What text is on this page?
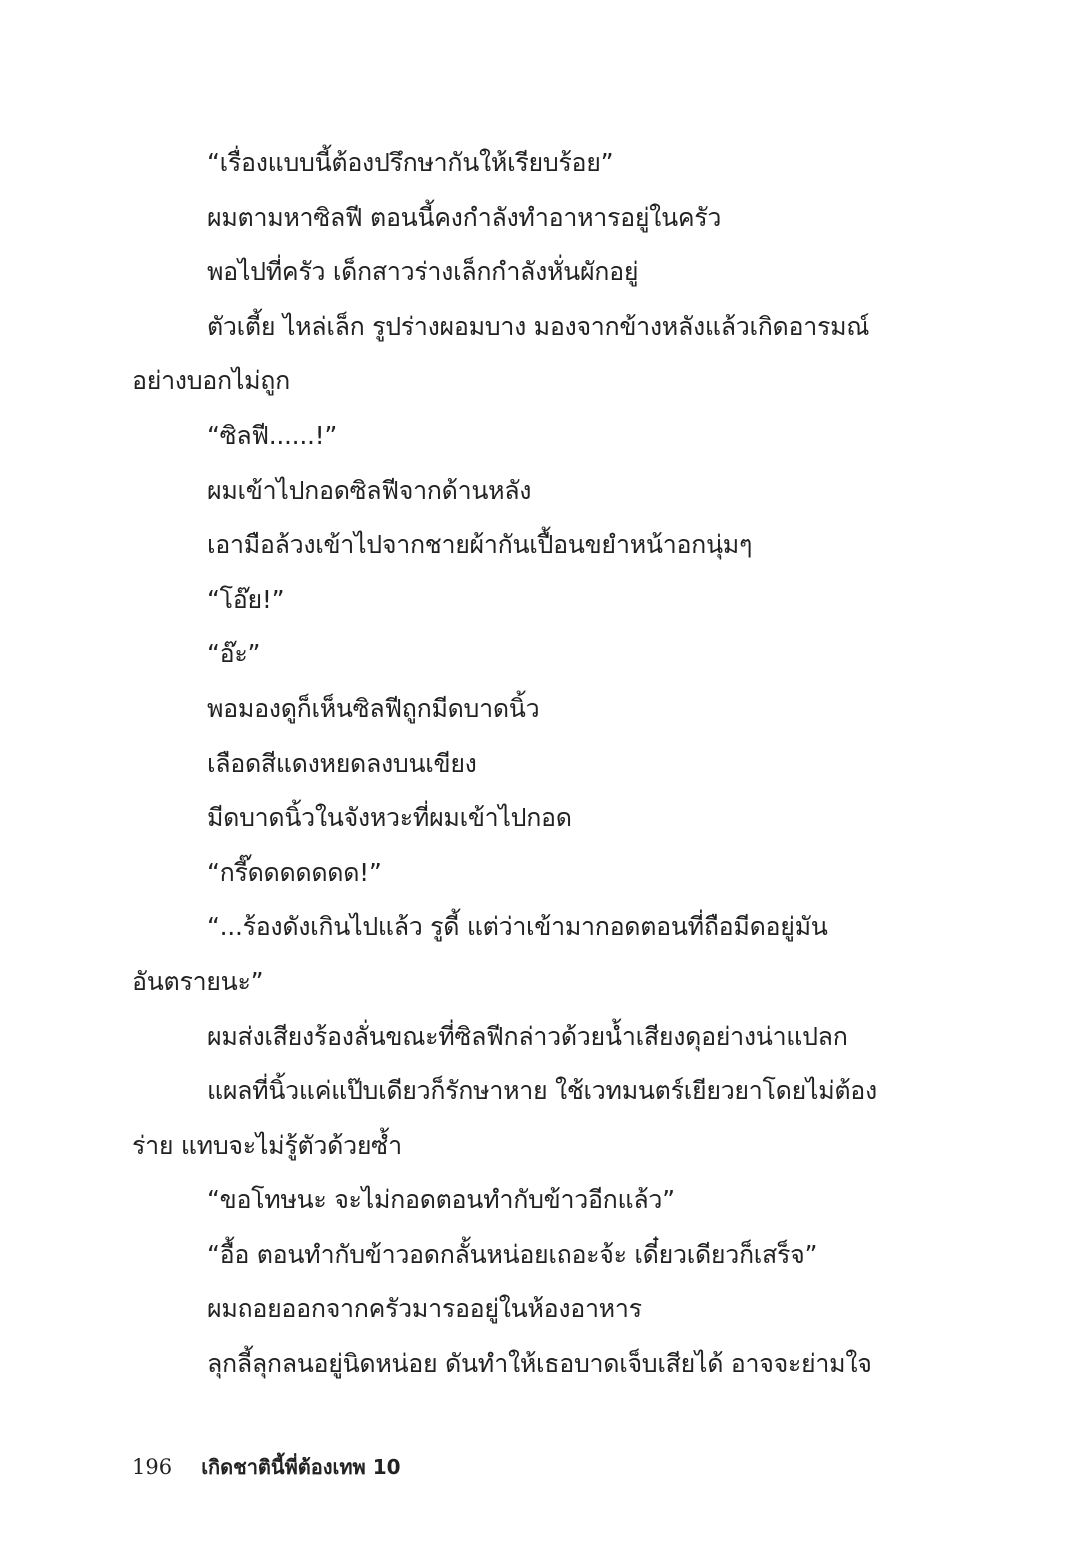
“เรื่องแบบนี้ต้องปรึกษากันให้เรียบร้อย”
ผมตามหาซิลฟี ตอนนี้คงกำลังทำอาหารอยู่ในครัว
พอไปที่ครัว เด็กสาวร่างเล็กกำลังหั่นผักอยู่
ตัวเตี้ย ไหล่เล็ก รูปร่างผอมบาง มองจากข้างหลังแล้วเกิดอารมณ์
อย่างบอกไม่ถูก
“ซิลฟี......!”
ผมเข้าไปกอดซิลฟีจากด้านหลัง
เอามือล้วงเข้าไปจากชายผ้ากันเปื้อนขยำหน้าอกนุ่มๆ
“โอ๊ย!”
“อ๊ะ”
พอมองดูก็เห็นซิลฟีถูกมีดบาดนิ้ว
เลือดสีแดงหยดลงบนเขียง
มีดบาดนิ้วในจังหวะที่ผมเข้าไปกอด
“กรี๊ดดดดดดด!”
“...ร้องดังเกินไปแล้ว รูดี้ แต่ว่าเข้ามากอดตอนที่ถือมีดอยู่มัน
อันตรายนะ”
ผมส่งเสียงร้องลั่นขณะที่ซิลฟีกล่าวด้วยน้ำเสียงดุอย่างน่าแปลก
แผลที่นิ้วแค่แป๊บเดียวก็รักษาหาย ใช้เวทมนตร์เยียวยาโดยไม่ต้อง
ร่าย แทบจะไม่รู้ตัวด้วยซ้ำ
“ขอโทษนะ จะไม่กอดตอนทำกับข้าวอีกแล้ว”
“อื้อ ตอนทำกับข้าวอดกลั้นหน่อยเถอะจ้ะ เดี๋ยวเดียวก็เสร็จ”
ผมถอยออกจากครัวมารออยู่ในห้องอาหาร
ลุกลี้ลุกลนอยู่นิดหน่อย ดันทำให้เธอบาดเจ็บเสียได้ อาจจะย่ามใจ
196 เกิดชาตินี้พี่ต้องเทพ 10
